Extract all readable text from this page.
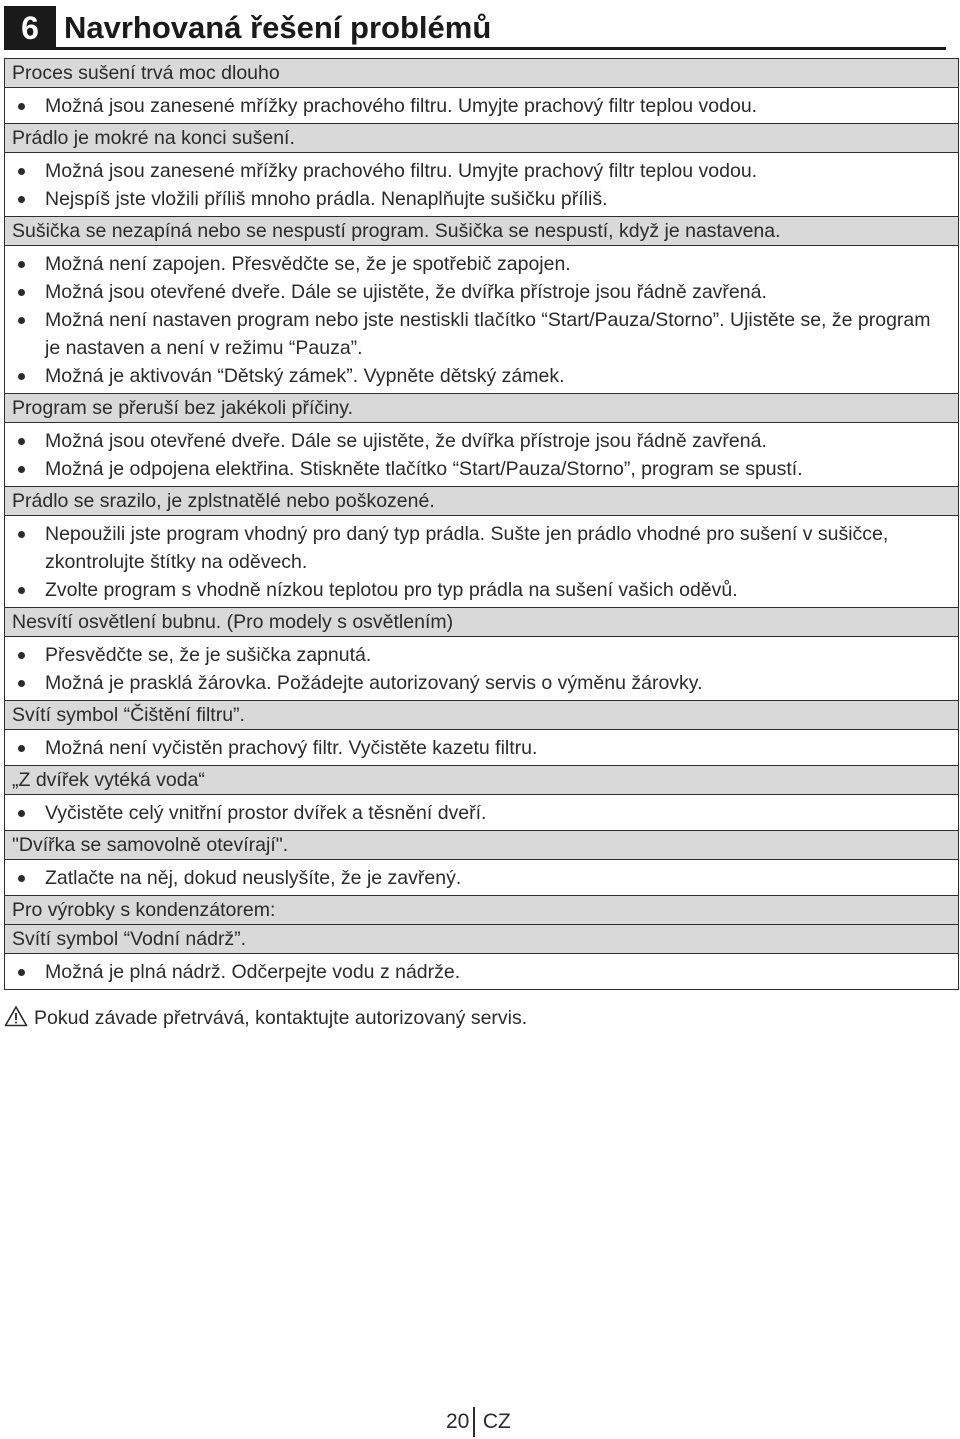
6 Navrhovaná řešení problémů
Proces sušení trvá moc dlouho
Možná jsou zanesené mřížky prachového filtru. Umyjte prachový filtr teplou vodou.
Prádlo je mokré na konci sušení.
Možná jsou zanesené mřížky prachového filtru. Umyjte prachový filtr teplou vodou.
Nejspíš jste vložili příliš mnoho prádla. Nenaplňujte sušičku příliš.
Sušička se nezapíná nebo se nespustí program. Sušička se nespustí, když je nastavena.
Možná není zapojen. Přesvědčte se, že je spotřebič zapojen.
Možná jsou otevřené dveře. Dále se ujistěte, že dvířka přístroje jsou řádně zavřená.
Možná není nastaven program nebo jste nestiskli tlačítko “Start/Pauza/Storno”. Ujistěte se, že program je nastaven a není v režimu “Pauza”.
Možná je aktivován “Dětský zámek”. Vypněte dětský zámek.
Program se přeruší bez jakékoli příčiny.
Možná jsou otevřené dveře. Dále se ujistěte, že dvířka přístroje jsou řádně zavřená.
Možná je odpojena elektřina. Stiskněte tlačítko “Start/Pauza/Storno”, program se spustí.
Prádlo se srazilo, je zplstnatělé nebo poškozené.
Nepoužili jste program vhodný pro daný typ prádla. Sušte jen prádlo vhodné pro sušení v sušičce, zkontrolujte štítky na oděvech.
Zvolte program s vhodně nízkou teplotou pro typ prádla na sušení vašich oděvů.
Nesvítí osvětlení bubnu. (Pro modely s osvětlením)
Přesvědčte se, že je sušička zapnutá.
Možná je prasklá žárovka. Požádejte autorizovaný servis o výměnu žárovky.
Svítí symbol “Čištění filtru”.
Možná není vyčistěn prachový filtr. Vyčistěte kazetu filtru.
„Z dvířek vytéká voda“
Vyčistěte celý vnitřní prostor dvířek a těsnění dveří.
"Dvířka se samovolně otevírají".
Zatlačte na něj, dokud neuslyšíte, že je zavřený.
Pro výrobky s kondenzátorem:
Svítí symbol “Vodní nádrž”.
Možná je plná nádrž. Odčerpejte vodu z nádrže.
Pokud závade přetrvává, kontaktujte autorizovaný servis.
20 CZ
